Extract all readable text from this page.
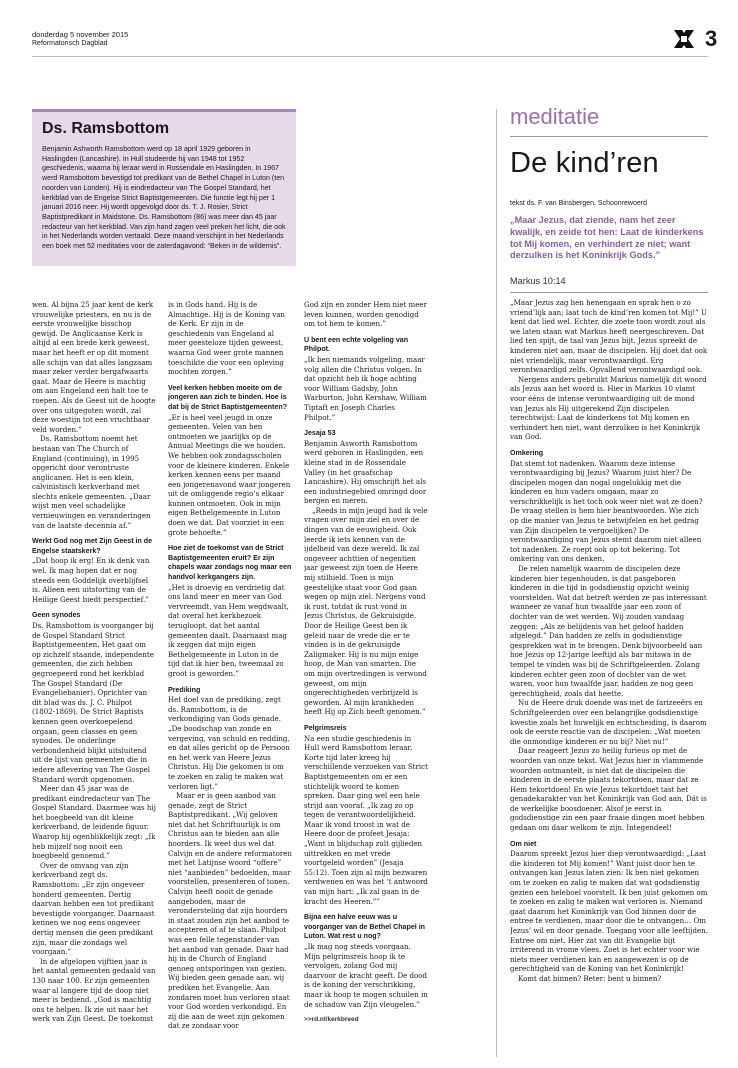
donderdag 5 november 2015
Reformatorisch Dagblad	3
Ds. Ramsbottom
Benjamin Ashworth Ramsbottom werd op 18 april 1929 geboren in Haslingden (Lancashire). In Hull studeerde hij van 1948 tot 1952 geschiedenis, waarna hij leraar werd in Rossendale en Haslingden. In 1967 werd Ramsbottom bevestigd tot predikant van de Bethel Chapel in Luton (ten noorden van Londen). Hij is eindredacteur van The Gospel Standard, het kerkblad van de Engelse Strict Baptistgemeenten. Die functie legt hij per 1 januari 2016 neer. Hij wordt opgevolgd door ds. T. J. Rosier, Strict Baptistpredikant in Maidstone. Ds. Ramsbottom (86) was meer dan 45 jaar redacteur van het kerkblad. Van zijn hand zagen veel preken het licht, die ook in het Nederlands worden vertaald. Deze maand verschijnt in het Nederlands een boek met 52 meditaties voor de zaterdagavond: “Beken in de wildernis”.

wen. Al bijna 25 jaar kent de kerk vrouwelijke priesters, en nu is de eerste vrouwelijke bisschop gewijd. De Anglicaanse Kerk is altijd al een brede kerk geweest, maar het heeft er op dit moment alle schijn van dat alles langzaam maar zeker verder bergafwaarts gaat. Maar de Heere is machtig om aan Engeland een halt toe te roepen. Als de Geest uit de hoogte over ons uitgegoten wordt, zal deze woestijn tot een vruchtbaar veld worden.”

Ds. Ramsbottom noemt het bestaan van The Church of England (continuing), in 1995 opgericht door verontruste anglicanen. Het is een klein, calvinistisch kerkverband met slechts enkele gemeenten. „Daar wijst men veel schadelijke vernieuwingen en veranderingen van de laatste decennia af.”

Werkt God nog met Zijn Geest in de Engelse staatskerk?

„Dat hoop ik erg! En ik denk van wel. Ik mag hopen dat er nog steeds een Goddelijk overblijfsel is. Alleen een uitstorting van de Heilige Geest biedt perspectief.”

Geen synodes

Ds. Ramsbottom is voorganger bij de Gospel Standard Strict Baptistgemeenten. Het gaat om op zichzelf staande, independente gemeenten, die zich hebben gegroepeerd rond het kerkblad The Gospel Standard (De Evangeliebanier). Oprichter van dit blad was ds. J. C. Philpot (1802-1869). De Strict Baptists kennen geen overkoepelend orgaan, geen classes en geen synodes. De onderlinge verbondenheid blijkt uitsluitend uit de lijst van gemeenten die in iedere aflevering van The Gospel Standard wordt opgenomen.

Meer dan 45 jaar was de predikant eindredacteur van The Gospel Standard. Daarmee was hij het boegbeeld van dit kleine kerkverband, de leidende figuur. Waarop hij ogenblikkelijk zegt: „Ik heb mijzelf nog nooit een boegbeeld genoemd.”

Over de omvang van zijn kerkverband zegt ds. Ramsbottom: „Er zijn ongeveer honderd gemeenten. Dertig daarvan hebben een tot predikant bevestigde voorganger. Daarnaast kennen we nog eens ongeveer dertig mensen die geen predikant zijn, maar die zondags wel voorgaan.”

In de afgelopen vijftien jaar is het aantal gemeenten gedaald van 130 naar 100. Er zijn gemeenten waar al langere tijd de doop niet meer is bediend. „God is machtig ons te helpen. Ik zie uit naar het werk van Zijn Geest. De toekomst

is in Gods hand. Hij is de Almachtige. Hij is de Koning van de Kerk. Er zijn in de geschiedenis van Engeland al meer geesteloze tijden geweest, waarna God weer grote mannen toeschikte die voor een opleving mochten zorgen.”

Veel kerken hebben moeite om de jongeren aan zich te binden. Hoe is dat bij de Strict Baptistgemeenten?

„Er is heel veel jeugd in onze gemeenten. Velen van hen ontmoeten we jaarlijks op de Annual Meetings die we houden. We hebben ook zondagsscholen voor de kleinere kinderen. Enkele kerken kennen eens per maand een jongerenavond waar jongeren uit de omliggende regio’s elkaar kunnen ontmoeten. Ook in mijn eigen Bethelgemeente in Luton doen we dat. Dat voorziet in een grote behoefte.”

Hoe ziet de toekomst van de Strict Baptistgemeenten eruit? Er zijn chapels waar zondags nog maar een handvol kerkgangers zijn.

„Het is droevig en verdrietig dat ons land meer en meer van God vervreemdt, van Hem wegdwaalt, dat overal het kerkbezoek terugloopt, dat het aantal gemeenten daalt. Daarnaast mag ik zeggen dat mijn eigen Bethelgemeente in Luton in de tijd dat ik hier ben, tweemaal zo groot is geworden.”

Prediking

Het doel van de prediking, zegt ds. Ramsbottom, is de verkondiging van Gods genade. „De boodschap van zonde en vergeving, van schuld en redding, en dat alles gericht op de Persoon en het werk van Heere Jezus Christus. Hij Die gekomen is om te zoeken en zalig te maken wat verloren ligt.”

Maar er is geen aanbod van genade, zegt de Strict Baptistpredikant. „Wij geloven niet dat het Schriftuurlijk is om Christus aan te bieden aan alle hoorders. Ik weet dus wel dat Calvijn en de andere reformatoren met het Latijnse woord “offere” niet “aanbieden” bedoelden, maar voorstellen, presenteren of tonen. Calvijn heeft nooit de genade aangeboden, maar de verondersteling dat zijn hoorders in staat zouden zijn het aanbod te accepteren of af te slaan. Philpot was een felle tegenstander van het aanbod van genade. Daar had hij in de Church of England genoeg ontsporingen van gezien. Wij bieden geen genade aan, wij prediken het Evangelie. Aan zondaren moet hun verloren staat voor God worden verkondigd. En zij die aan de weet zijn gekomen dat ze zondaar voor

God zijn en zonder Hem niet meer leven kunnen, worden genodigd om tot hem te komen.”

U bent een echte volgeling van Philpot.

„Ik ben niemands volgeling, maar volg allen die Christus volgen. In dat opzicht heb ik hoge achting voor William Gadsby, John Warburton, John Kershaw, William Tiptaft en Joseph Charles Philpot.”

Jesaja 53

Benjamin Asworth Ramsbottom werd geboren in Haslingden, een kleine stad in de Rossendale Valley (in het graafschap Lancashire). Hij omschrijft het als een industriegebied omringd door bergen en meren.

„Reeds in mijn jeugd had ik vele vragen over mijn ziel en over de dingen van de eeuwigheid. Ook leerde ik iets kennen van de ijdelheid van deze wereld. Ik zal ongeveer achttien of negentien jaar geweest zijn toen de Heere mij stilhield. Toen is mijn geestelijke staat voor God gaan wegen op mijn ziel. Nergens vond ik rust, totdat ik rust vond in Jezus Christus, de Gekruisigde. Door de Heilige Geest ben ik geleid naar de vrede die er te vinden is in de gekruisigde Zaligmaker. Hij is nu mijn enige hoop, de Man van smarten. Die om mijn overtredingen is verwond geweest, om mijn ongerechtigheden verbrijzeld is geworden. Al mijn krankheden heeft Hij op Zich heeft genomen.”

Pelgrimsreis

Na een studie geschiedenis in Hull werd Ramsbottom leraar. Korte tijd later kreeg hij verschillende verzoeken van Strict Baptistgemeenten om er een stichtelijk woord te komen spreken. Daar ging wel een hele strijd aan vooraf. „Ik zag zo op tegen de verantwoordelijkheid. Maar ik vond troost in wat de Heere door de profeet Jesaja: „Want in blijdschap zult gijlieden uittrekken en met vrede voortgeleid worden” (Jesaja 55:12). Toen zijn al mijn bezwaren verdwenen en was het ‘t antwoord van mijn hart: „Ik zal gaan in de kracht des Heeren.””

Bijna een halve eeuw was u voorganger van de Bethel Chapel in Luton. Wat rest u nog?

„Ik mag nog steeds voorgaan. Mijn pelgrimsreis hoop ik te vervolgen, zolang God mij daarvoor de kracht geeft. De dood is de koning der verschrikking, maar ik hoop te mogen schuilen in de schaduw van Zijn vleugelen.”

>>rd.nl/kerkbreed
meditatie
De kind’ren
tekst ds. F. van Binsbergen, Schoonrewoerd
„Maar Jezus, dat ziende, nam het zeer kwalijk, en zeide tot hen: Laat de kinderkens tot Mij komen, en verhindert ze niet; want derzulken is het Koninkrijk Gods.”
Markus 10:14

„Maar Jezus zag hen henengaan en sprak hen o zo vriend’lijk aan; laat toch de kind’ren komen tot Mij!” U kent dat lied wel. Echter, die zoete toon wordt zout als we laten staan wat Markus heeft neergeschreven. Dat lied ten spijt, de taal van Jezus bijt. Jezus spreekt de kinderen niet aan, maar de discipelen. Hij doet dat ook niet vriendelijk, maar verontwaardigd. Erg verontwaardigd zelfs. Opvallend verontwaardigd ook.

Nergens anders gebruikt Markus namelijk dit woord als Jezus aan het woord is. Hier in Markus 10 vlamt voor ééns de intense verontwaardiging uit de mond van Jezus als Hij uitgerekend Zijn discipelen terechtwijst: Laat de kinderkens tot Mij komen en verhindert hen niet, want derzulken is het Koninkrijk van God.

Omkering

Dat stemt tot nadenken. Waarom deze intense verontwaardiging bij Jezus? Waarom juist hier? De discipelen mogen dan nogal ongelukkig met die kinderen en hun vaders omgaan, maar zo verschrikkelijk is het toch ook weer niet wat ze doen? De vraag stellen is hem hier beantwoorden. Wie zich op die manier van Jezus te betwijfelen en het gedrag van Zijn discipelen te vergoelijken? De verontwaardiging van Jezus stemt daarom niet alleen tot nadenken. Ze roept ook op tot bekering. Tot omkering van ons denken.

De relen namelijk waarom de discipelen deze kinderen hier tegenhouden, is dat pasgeboren kinderen in die tijd in godsdienstig opzicht weinig voorstelden. Wat dat betreft werden ze pas interessant wanneer ze vanaf hun twaalfde jaar een zoon of dochter van de wet werden. Wij zouden vandaag zeggen: „Als ze belijdenis van het geloof hadden afgelegd.” Dan hadden ze zelfs in godsdienstige gesprekken wat in te brengen. Denk bijvoorbeeld aan hoe Jezus op 12-jarige leeftijd als bar mitswa in de tempel te vinden was bij de Schriftgeleerden. Zolang kinderen echter geen zoon of dochter van de wet waren, voor hun twaalfde jaar, hadden ze nog geen gerechtigheid, zoals dat heette.

Nu de Heere druk doende was met de farizeeërs en Schriftgeleerden over een belangrijke godsdienstige kwestie zoals het huwelijk en echtscheiding, is daarom ook de eerste reactie van de discipelen: „Wat moeten die onmondige kinderen er nu bij? Niet nu!”

Daar reageert Jezus zo heilig furieus op met de woorden van onze tekst. Wat Jezus hier in vlammende woorden ontmantelt, is niet dat de discipelen die kinderen in de eerste plaats tekortdoen, maar dat ze Hem tekortdoen! En wie Jezus tekortdoet tast het genadekarakter van het Koninkrijk van God aan. Dát is de werkelijke boosdoener. Alsof je eerst in godsdienstige zin een paar fraaie dingen moet hebben gedaan om daar welkom te zijn. Integendeel!

Om niet

Daarom spreekt Jezus hier diep verontwaardigd: „Laat die kinderen tot Mij komen!” Want juist door hen te ontvangen kan Jezus laten zien: Ik ben niet gekomen om te zoeken en zalig te maken dat wat godsdienstig gezien een heleboel voorstelt. Ik ben juist gekomen om te zoeken en zalig te maken wat verloren is. Niemand gaat daarom het Koninkrijk van God binnen door de entree te verdienen, maar door die te ontvangen… Om Jezus’ wil en door genade. Toegang voor alle leeftijden. Entree om niet. Hier zat van dit Evangelie bijt irriterend in vrome vlees. Zoet is het echter voor wie niets meer verdienen kan en aangewezen is op de gerechtigheid van de Koning van het Koninkrijk!

Komt dat binnen? Beter: bent u binnen?
